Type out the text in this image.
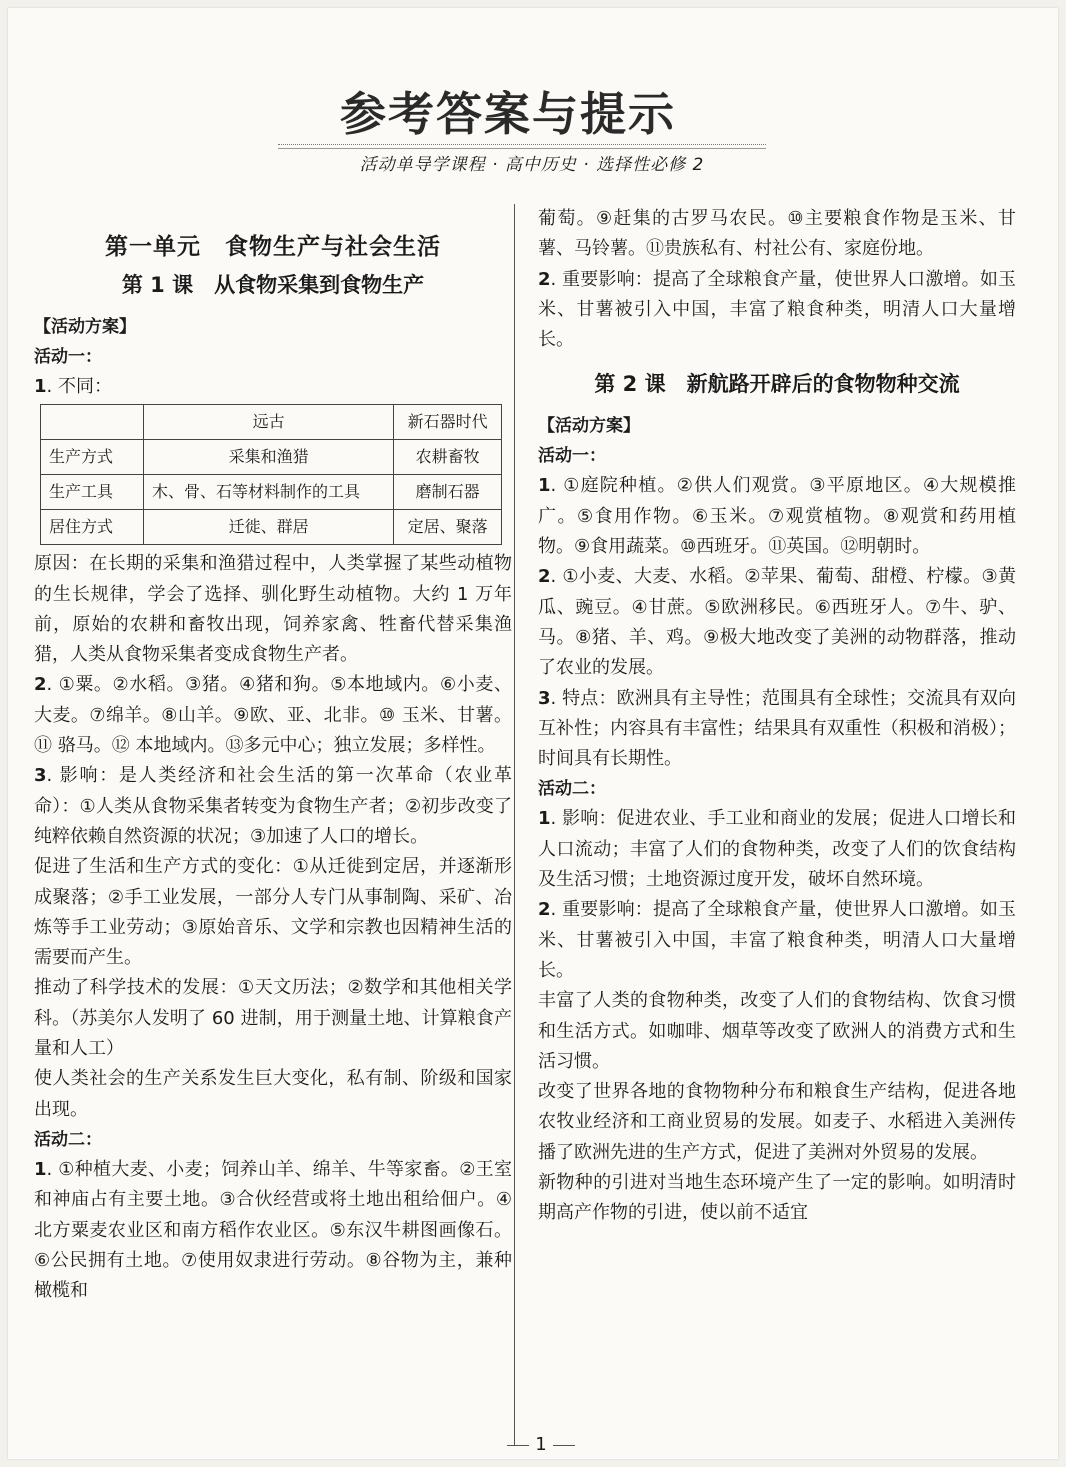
参考答案与提示
活动单导学课程 · 高中历史 · 选择性必修 2
第一单元　食物生产与社会生活
第 1 课　从食物采集到食物生产
【活动方案】
活动一：

1. 不同：

	远古	新石器时代
生产方式	采集和渔猎	农耕畜牧
生产工具	木、骨、石等材料制作的工具	磨制石器
居住方式	迁徙、群居	定居、聚落

原因：在长期的采集和渔猎过程中，人类掌握了某些动植物的生长规律，学会了选择、驯化野生动植物。大约 1 万年前，原始的农耕和畜牧出现，饲养家禽、牲畜代替采集渔猎，人类从食物采集者变成食物生产者。

2. ①粟。②水稻。③猪。④猪和狗。⑤本地域内。⑥小麦、大麦。⑦绵羊。⑧山羊。⑨欧、亚、北非。⑩ 玉米、甘薯。⑪ 骆马。⑫ 本地域内。⑬多元中心；独立发展；多样性。

3. 影响：是人类经济和社会生活的第一次革命（农业革命）：①人类从食物采集者转变为食物生产者；②初步改变了纯粹依赖自然资源的状况；③加速了人口的增长。

促进了生活和生产方式的变化：①从迁徙到定居，并逐渐形成聚落；②手工业发展，一部分人专门从事制陶、采矿、冶炼等手工业劳动；③原始音乐、文学和宗教也因精神生活的需要而产生。

推动了科学技术的发展：①天文历法；②数学和其他相关学科。（苏美尔人发明了 60 进制，用于测量土地、计算粮食产量和人工）

使人类社会的生产关系发生巨大变化，私有制、阶级和国家出现。

活动二：

1. ①种植大麦、小麦；饲养山羊、绵羊、牛等家畜。②王室和神庙占有主要土地。③合伙经营或将土地出租给佃户。④北方粟麦农业区和南方稻作农业区。⑤东汉牛耕图画像石。⑥公民拥有土地。⑦使用奴隶进行劳动。⑧谷物为主，兼种橄榄和

葡萄。⑨赶集的古罗马农民。⑩主要粮食作物是玉米、甘薯、马铃薯。⑪贵族私有、村社公有、家庭份地。

2. 重要影响：提高了全球粮食产量，使世界人口激增。如玉米、甘薯被引入中国，丰富了粮食种类，明清人口大量增长。

第 2 课　新航路开辟后的食物物种交流
【活动方案】
活动一：

1. ①庭院种植。②供人们观赏。③平原地区。④大规模推广。⑤食用作物。⑥玉米。⑦观赏植物。⑧观赏和药用植物。⑨食用蔬菜。⑩西班牙。⑪英国。⑫明朝时。

2. ①小麦、大麦、水稻。②苹果、葡萄、甜橙、柠檬。③黄瓜、豌豆。④甘蔗。⑤欧洲移民。⑥西班牙人。⑦牛、驴、马。⑧猪、羊、鸡。⑨极大地改变了美洲的动物群落，推动了农业的发展。

3. 特点：欧洲具有主导性；范围具有全球性；交流具有双向互补性；内容具有丰富性；结果具有双重性（积极和消极）；时间具有长期性。

活动二：

1. 影响：促进农业、手工业和商业的发展；促进人口增长和人口流动；丰富了人们的食物种类，改变了人们的饮食结构及生活习惯；土地资源过度开发，破坏自然环境。

2. 重要影响：提高了全球粮食产量，使世界人口激增。如玉米、甘薯被引入中国，丰富了粮食种类，明清人口大量增长。

丰富了人类的食物种类，改变了人们的食物结构、饮食习惯和生活方式。如咖啡、烟草等改变了欧洲人的消费方式和生活习惯。

改变了世界各地的食物物种分布和粮食生产结构，促进各地农牧业经济和工商业贸易的发展。如麦子、水稻进入美洲传播了欧洲先进的生产方式，促进了美洲对外贸易的发展。

新物种的引进对当地生态环境产生了一定的影响。如明清时期高产作物的引进，使以前不适宜

1
